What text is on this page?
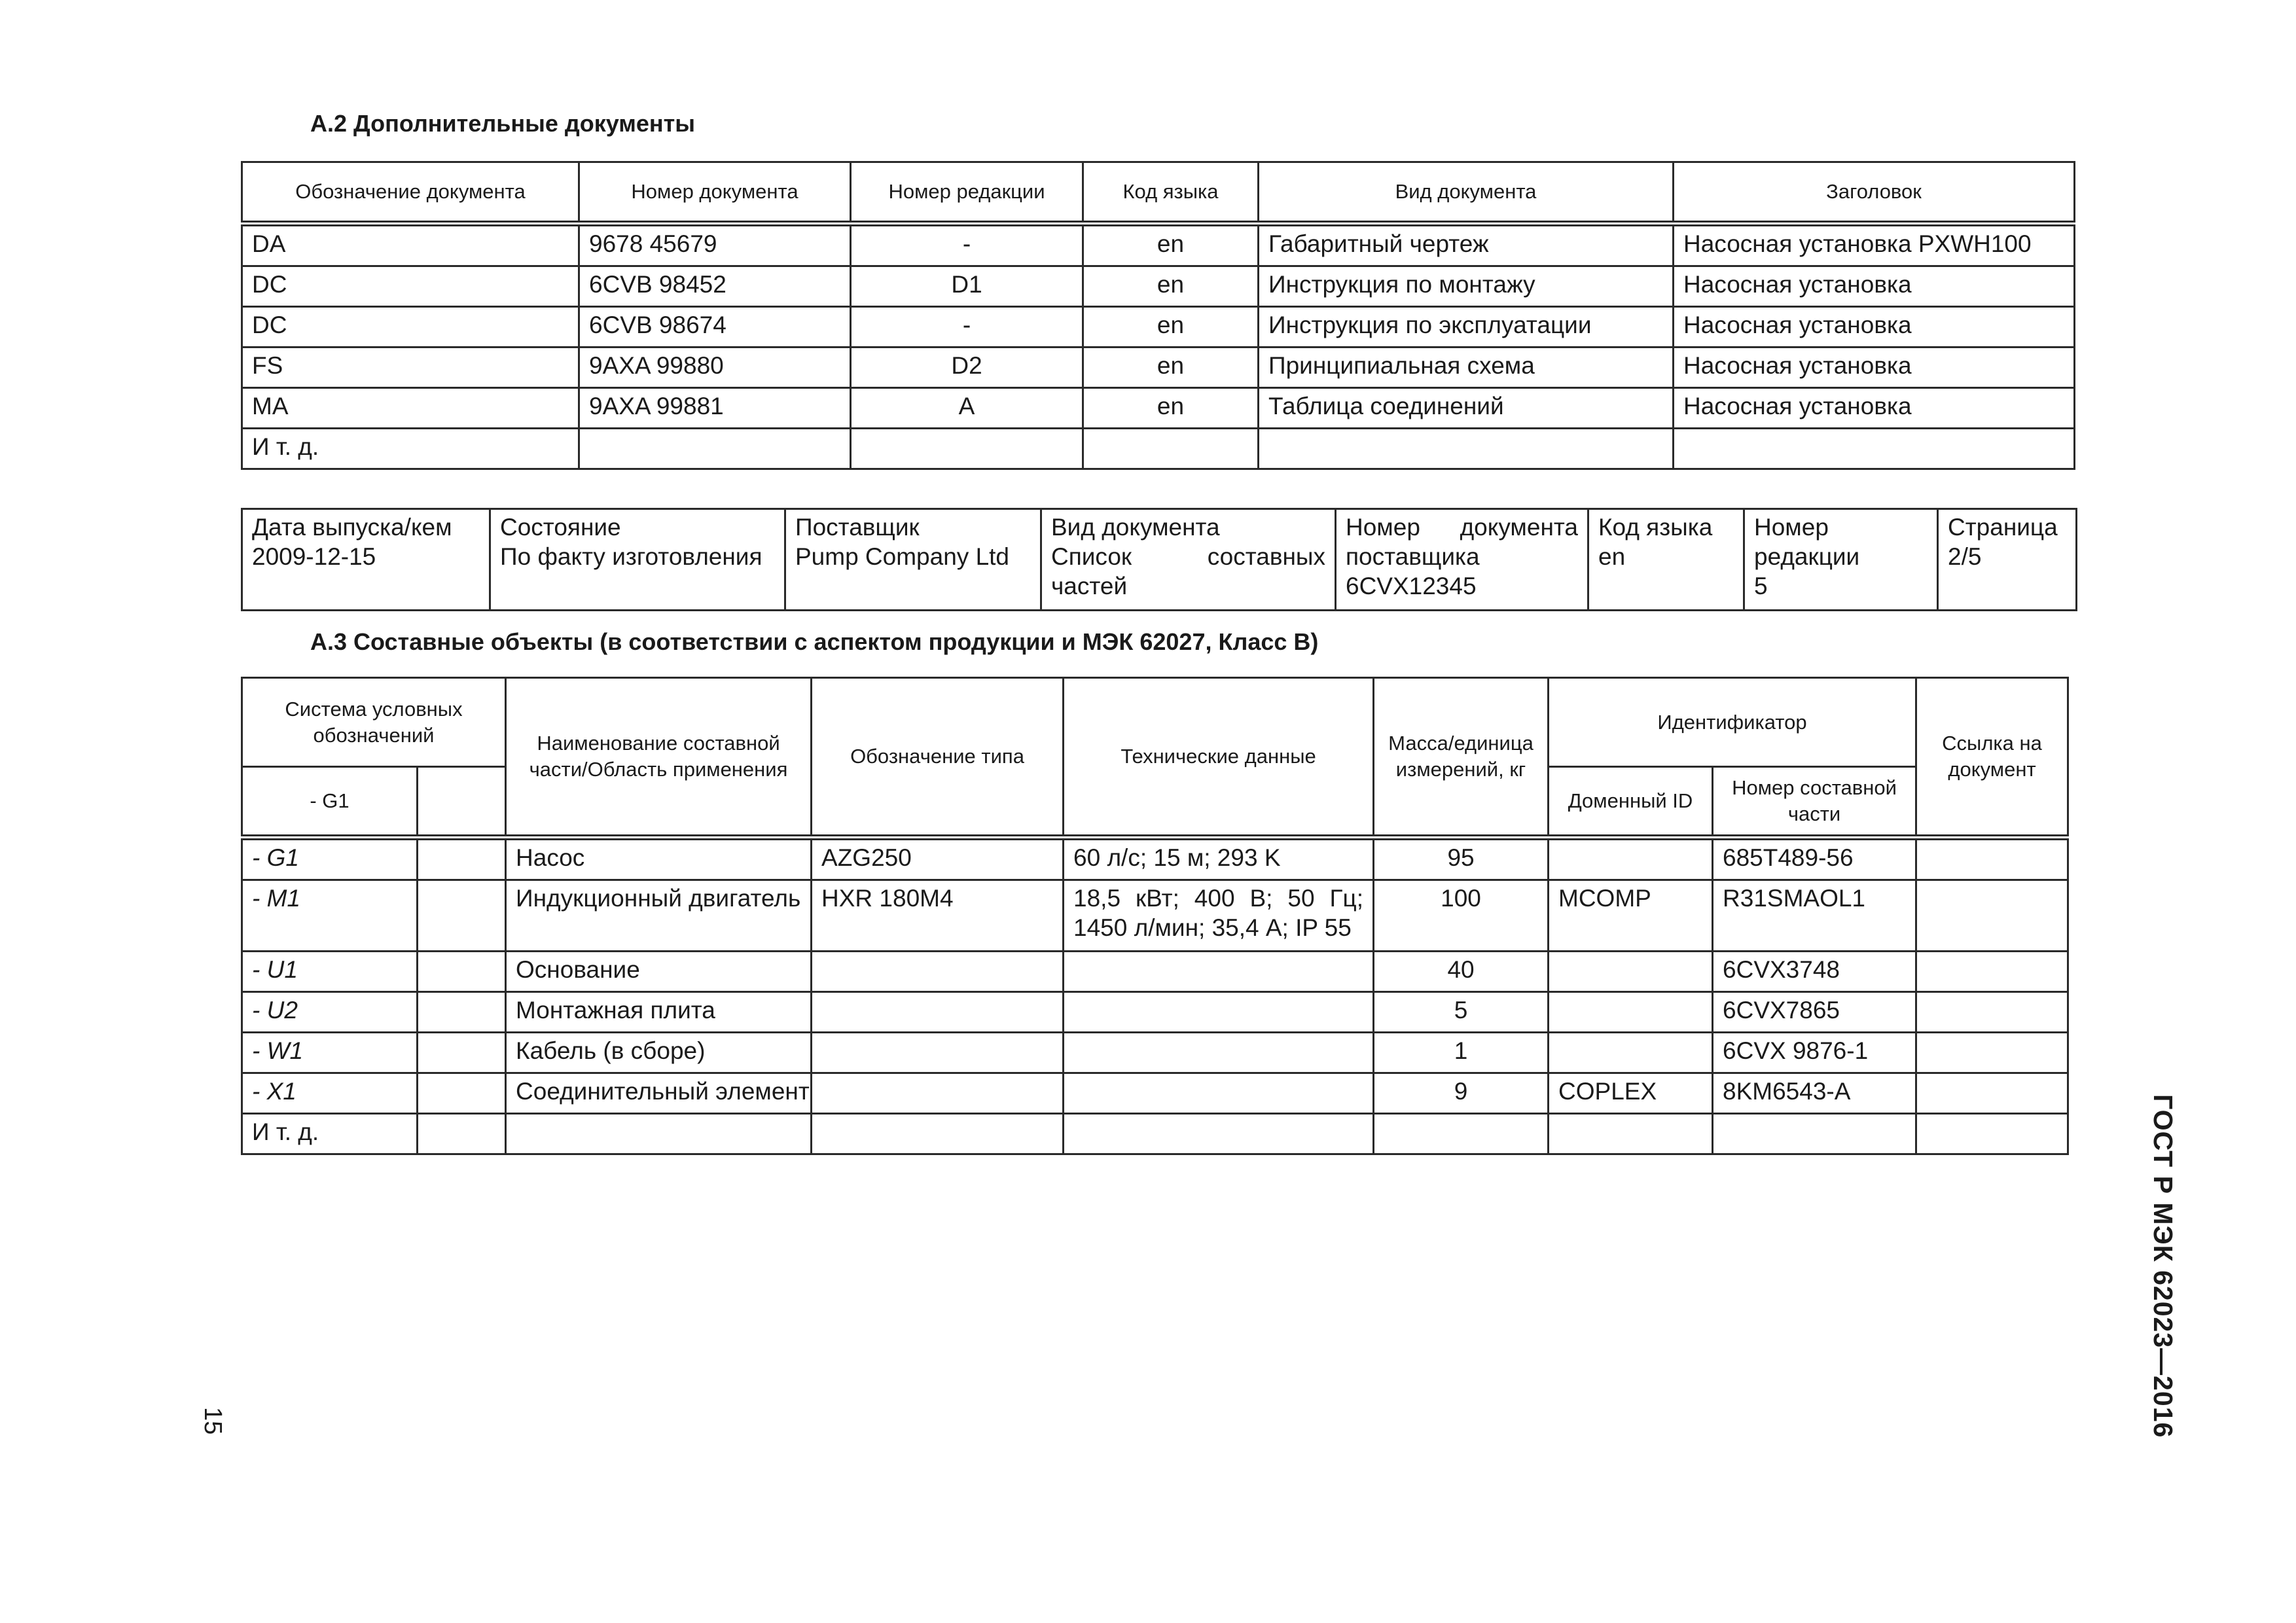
А.2 Дополнительные документы
Обозначение документа	Номер документа	Номер редакции	Код языка	Вид документа	Заголовок
DA	9678 45679	-	en	Габаритный чертеж	Насосная установка PXWH100
DC	6CVB 98452	D1	en	Инструкция по монтажу	Насосная установка
DC	6CVB 98674	-	en	Инструкция по эксплуатации	Насосная установка
FS	9AXA 99880	D2	en	Принципиальная схема	Насосная установка
MA	9AXA 99881	A	en	Таблица соединений	Насосная установка
И т. д.					
Дата выпуска/кем
2009-12-15

Состояние
По факту изготовления

Поставщик
Pump Company Ltd

Вид документа
Список составных частей

Номер документа поставщика
6CVX12345

Код языка
en

Номер редакции
5

Страница
2/5
А.3 Составные объекты (в соответствии с аспектом продукции и МЭК 62027, Класс В)
Система условных обозначений		Наименование составной части/Область применения	Обозначение типа	Технические данные	Масса/единица измерений, кг	Идентификатор		Ссылка на документ
- G1						Доменный ID	Номер составной части	
- G1		Насос	AZG250	60 л/с; 15 м; 293 K	95		685T489-56	
- M1		Индукционный двигатель	HXR 180M4	18,5 кВт; 400 В; 50 Гц; 1450 л/мин; 35,4 А; IP 55	100	MCOMP	R31SMAOL1	
- U1		Основание			40		6CVX3748	
- U2		Монтажная плита			5		6CVX7865	
- W1		Кабель (в сборе)			1		6CVX 9876-1	
- X1		Соединительный элемент			9	COPLEX	8KM6543-A	
И т. д.									ГОСТ Р МЭК 62023—2016
15
